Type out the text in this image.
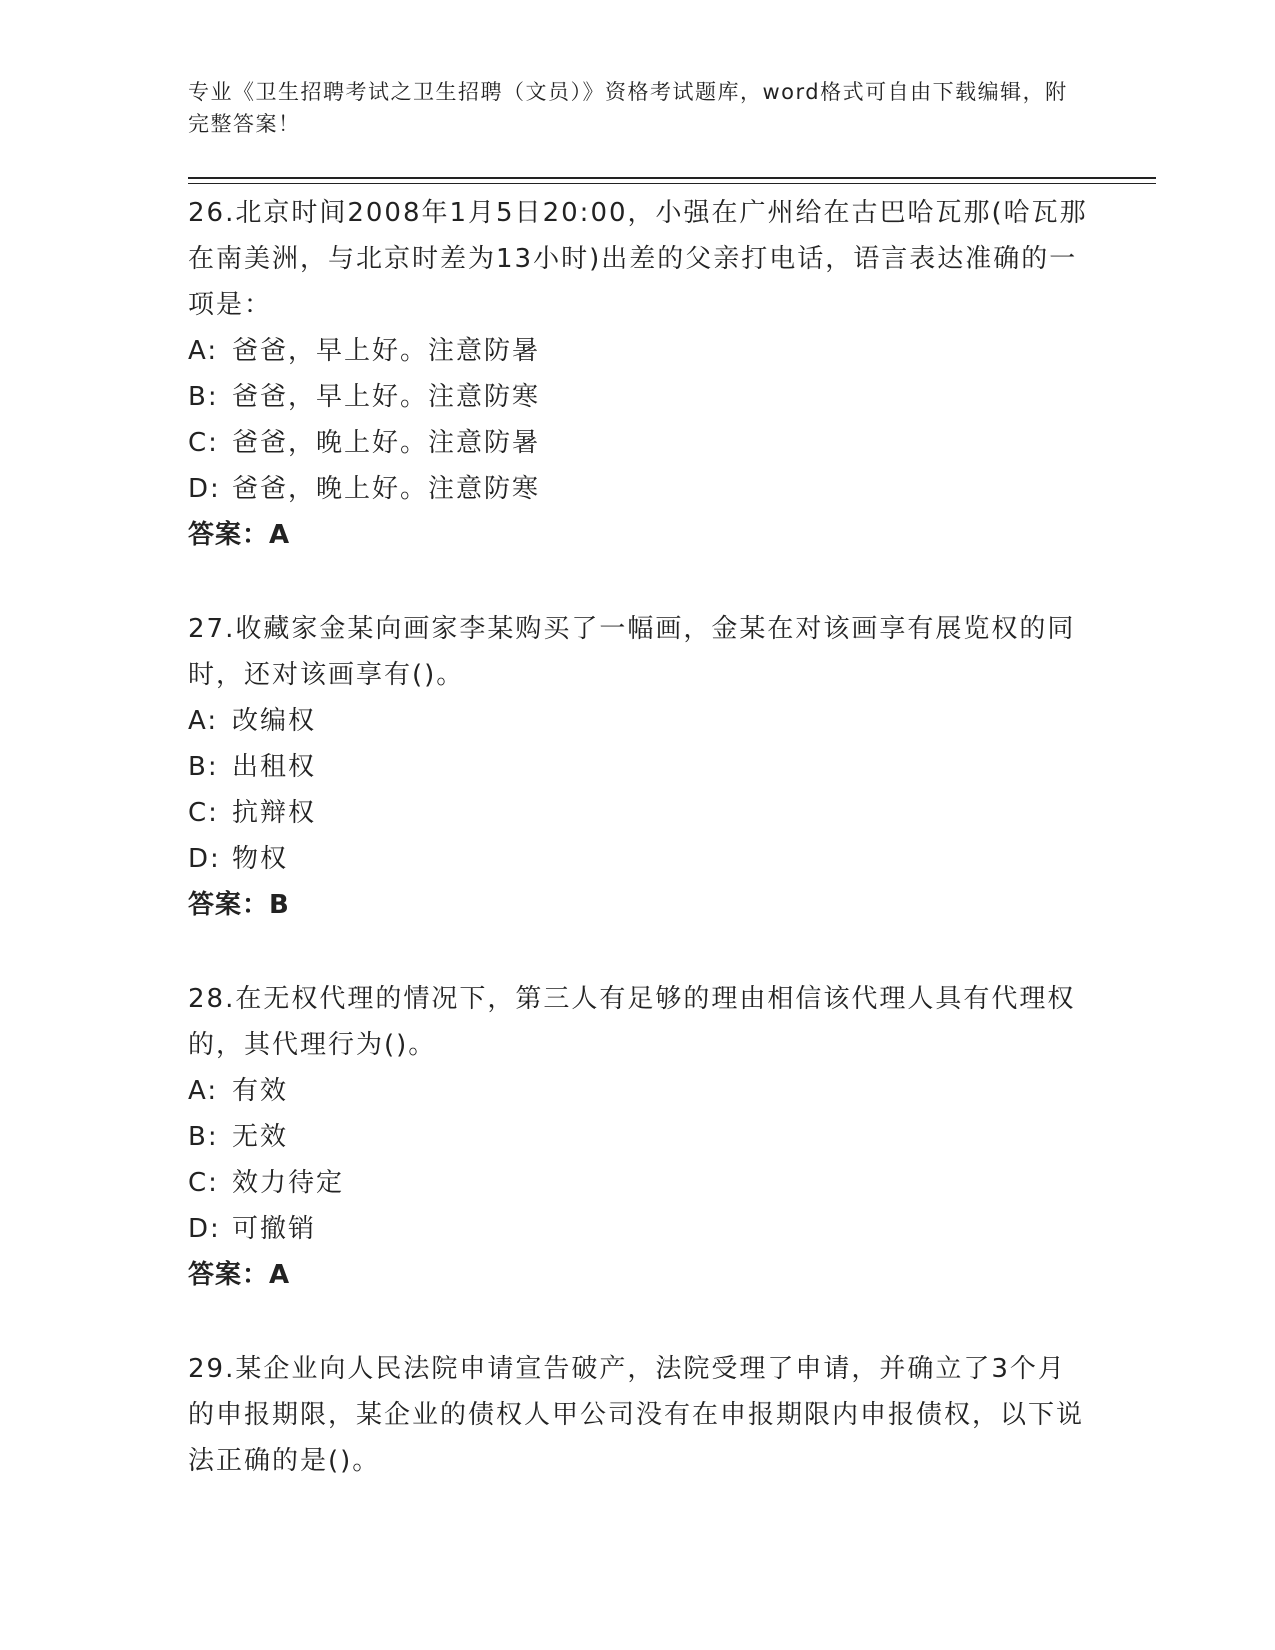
专业《卫生招聘考试之卫生招聘（文员）》资格考试题库，word格式可自由下载编辑，附完整答案！
26.北京时间2008年1月5日20:00，小强在广州给在古巴哈瓦那(哈瓦那在南美洲，与北京时差为13小时)出差的父亲打电话，语言表达准确的一项是：
A: 爸爸，早上好。注意防暑
B: 爸爸，早上好。注意防寒
C: 爸爸，晚上好。注意防暑
D: 爸爸，晚上好。注意防寒
答案：A
27.收藏家金某向画家李某购买了一幅画，金某在对该画享有展览权的同时，还对该画享有()。
A: 改编权
B: 出租权
C: 抗辩权
D: 物权
答案：B
28.在无权代理的情况下，第三人有足够的理由相信该代理人具有代理权的，其代理行为()。
A: 有效
B: 无效
C: 效力待定
D: 可撤销
答案：A
29.某企业向人民法院申请宣告破产，法院受理了申请，并确立了3个月的申报期限，某企业的债权人甲公司没有在申报期限内申报债权，以下说法正确的是()。
